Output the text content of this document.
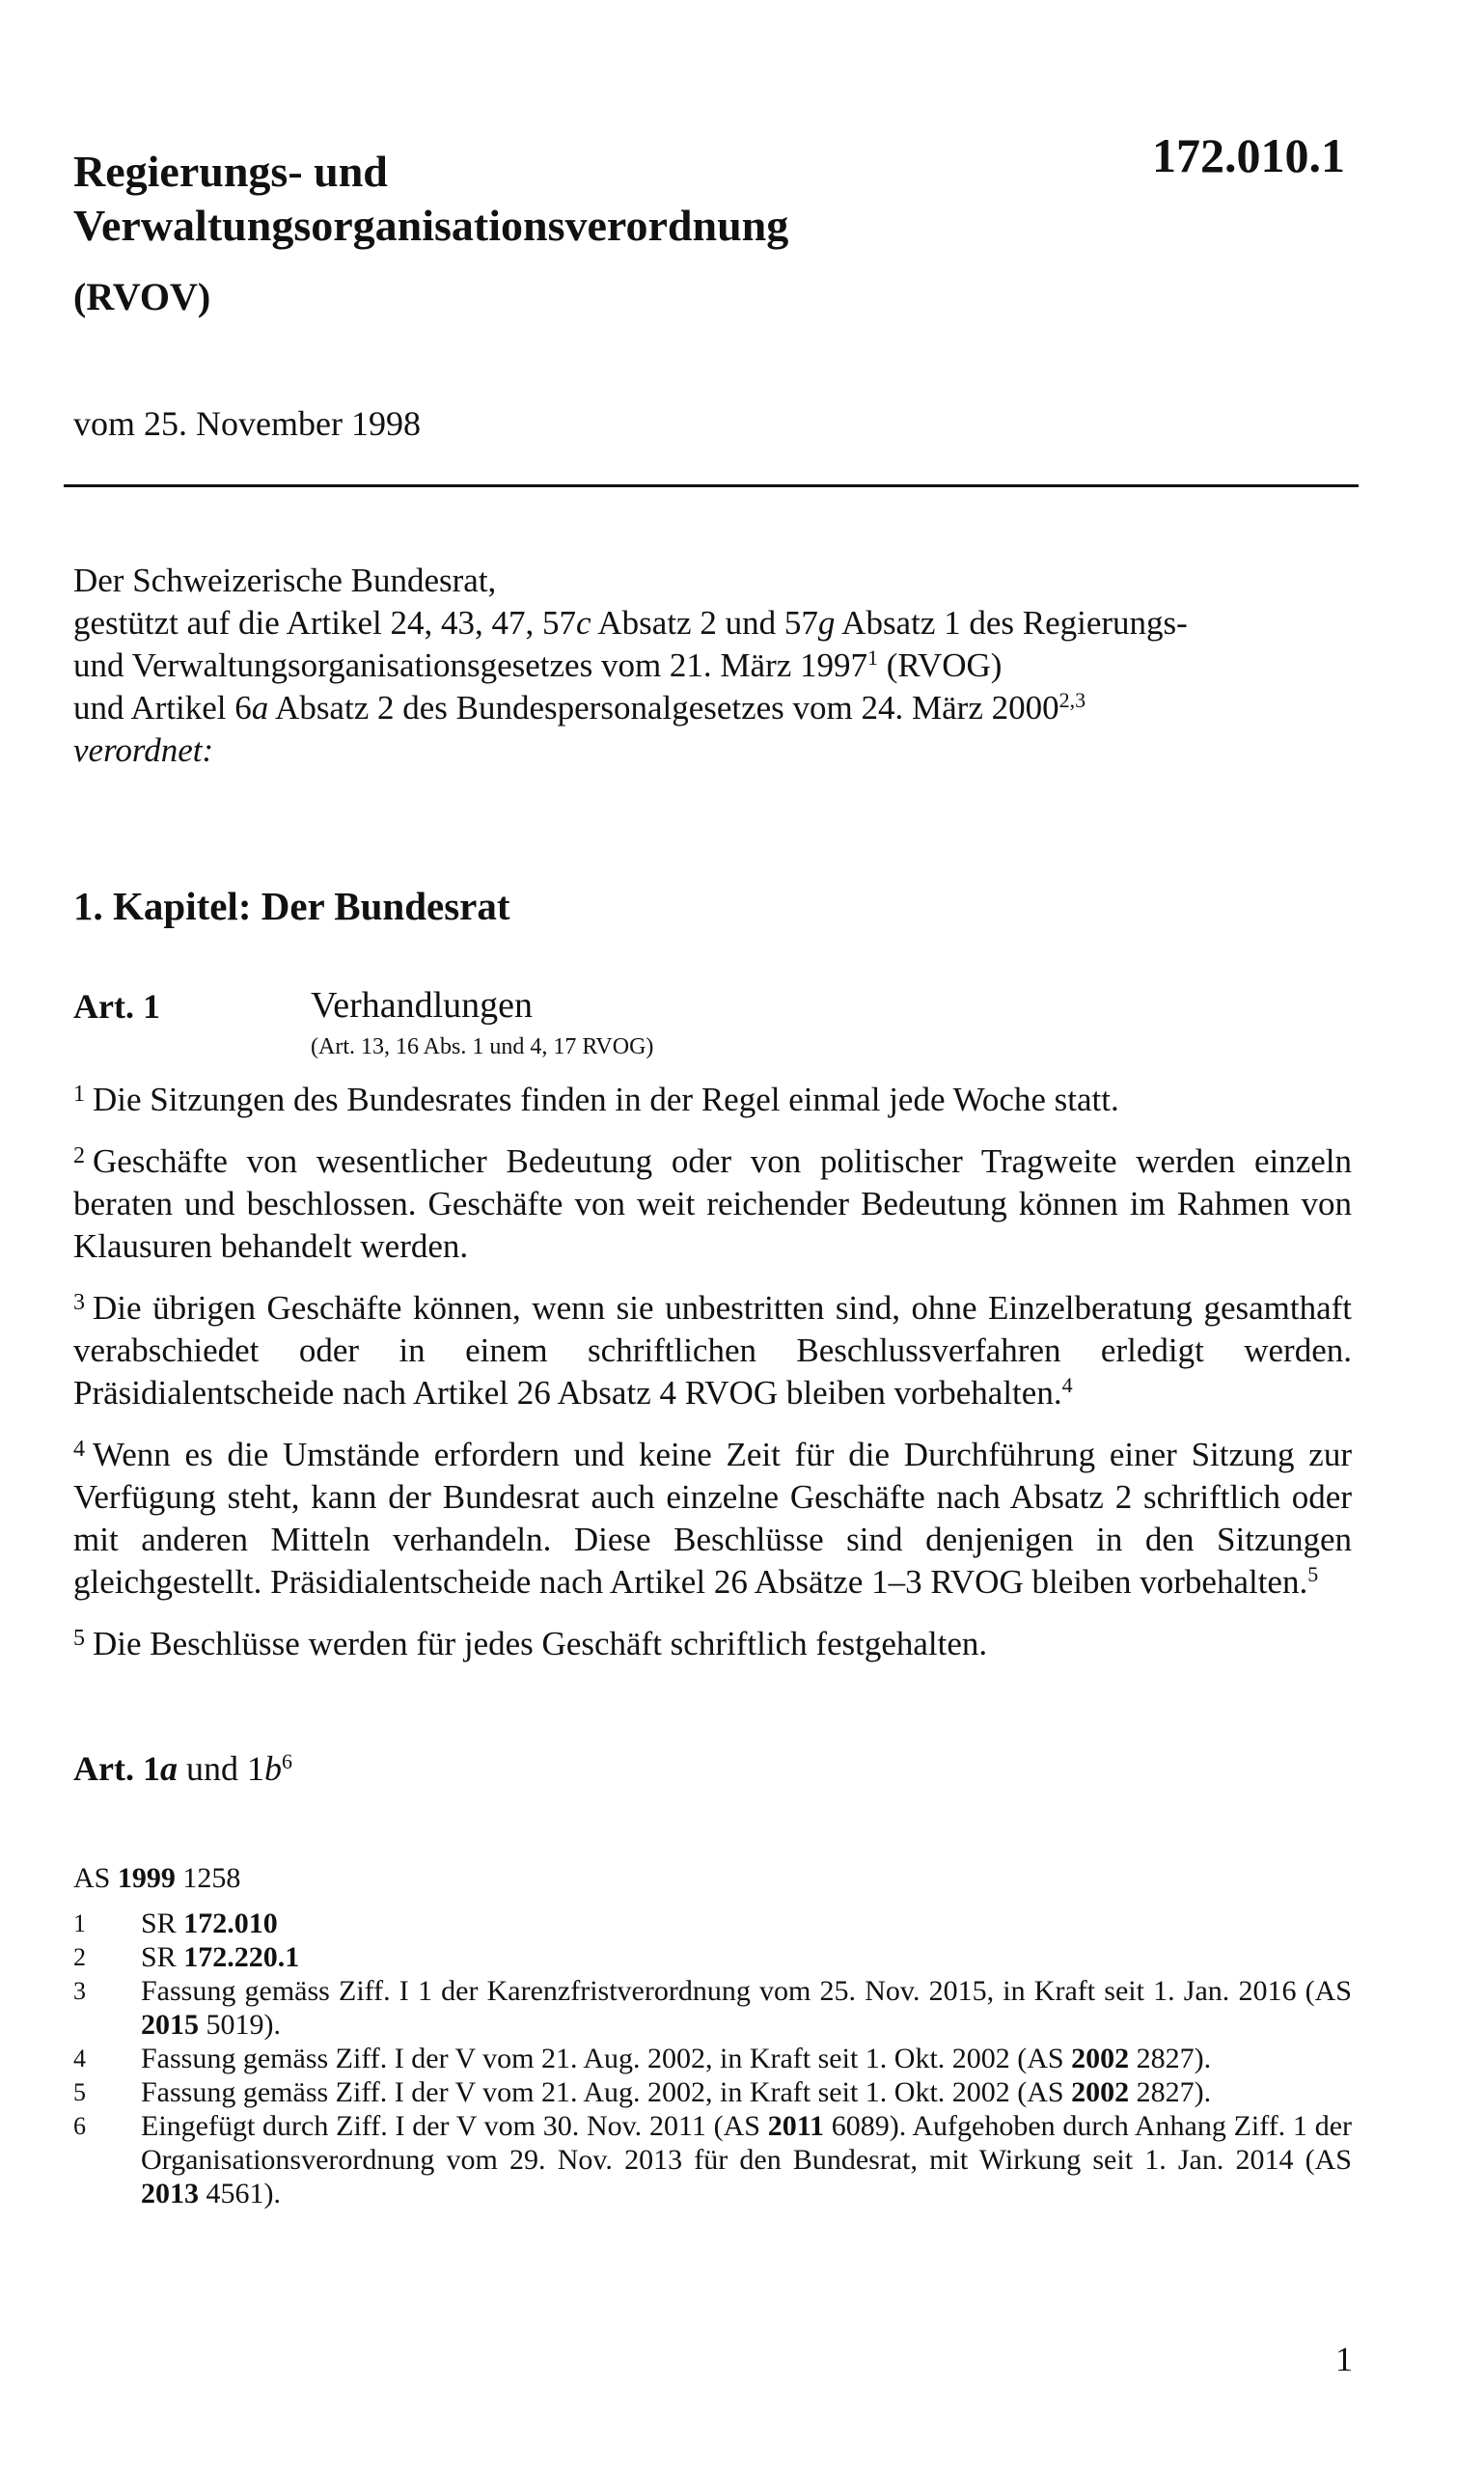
Regierungs- und
Verwaltungsorganisationsverordnung
(RVOV)
172.010.1
vom 25. November 1998
Der Schweizerische Bundesrat,
gestützt auf die Artikel 24, 43, 47, 57c Absatz 2 und 57g Absatz 1 des Regierungs-
und Verwaltungsorganisationsgesetzes vom 21. März 1997$^1$ (RVOG)
und Artikel 6a Absatz 2 des Bundespersonalgesetzes vom 24. März 2000$^{2,3}$
verordnet:
1. Kapitel: Der Bundesrat
Art. 1	Verhandlungen
(Art. 13, 16 Abs. 1 und 4, 17 RVOG)
$^1$ Die Sitzungen des Bundesrates finden in der Regel einmal jede Woche statt.
$^2$ Geschäfte von wesentlicher Bedeutung oder von politischer Tragweite werden einzeln beraten und beschlossen. Geschäfte von weit reichender Bedeutung können im Rahmen von Klausuren behandelt werden.
$^3$ Die übrigen Geschäfte können, wenn sie unbestritten sind, ohne Einzelberatung gesamthaft verabschiedet oder in einem schriftlichen Beschlussverfahren erledigt werden. Präsidialentscheide nach Artikel 26 Absatz 4 RVOG bleiben vorbehalten.$^4$
$^4$ Wenn es die Umstände erfordern und keine Zeit für die Durchführung einer Sitzung zur Verfügung steht, kann der Bundesrat auch einzelne Geschäfte nach Absatz 2 schriftlich oder mit anderen Mitteln verhandeln. Diese Beschlüsse sind denjenigen in den Sitzungen gleichgestellt. Präsidialentscheide nach Artikel 26 Absätze 1–3 RVOG bleiben vorbehalten.$^5$
$^5$ Die Beschlüsse werden für jedes Geschäft schriftlich festgehalten.
Art. 1a und $1b^6$
AS 1999 1258
1 SR 172.010
2 SR 172.220.1
3 Fassung gemäss Ziff. I 1 der Karenzfristverordnung vom 25. Nov. 2015, in Kraft seit 1. Jan. 2016 (AS 2015 5019).
4 Fassung gemäss Ziff. I der V vom 21. Aug. 2002, in Kraft seit 1. Okt. 2002 (AS 2002 2827).
5 Fassung gemäss Ziff. I der V vom 21. Aug. 2002, in Kraft seit 1. Okt. 2002 (AS 2002 2827).
6 Eingefügt durch Ziff. I der V vom 30. Nov. 2011 (AS 2011 6089). Aufgehoben durch Anhang Ziff. 1 der Organisationsverordnung vom 29. Nov. 2013 für den Bundesrat, mit Wirkung seit 1. Jan. 2014 (AS 2013 4561).
1
